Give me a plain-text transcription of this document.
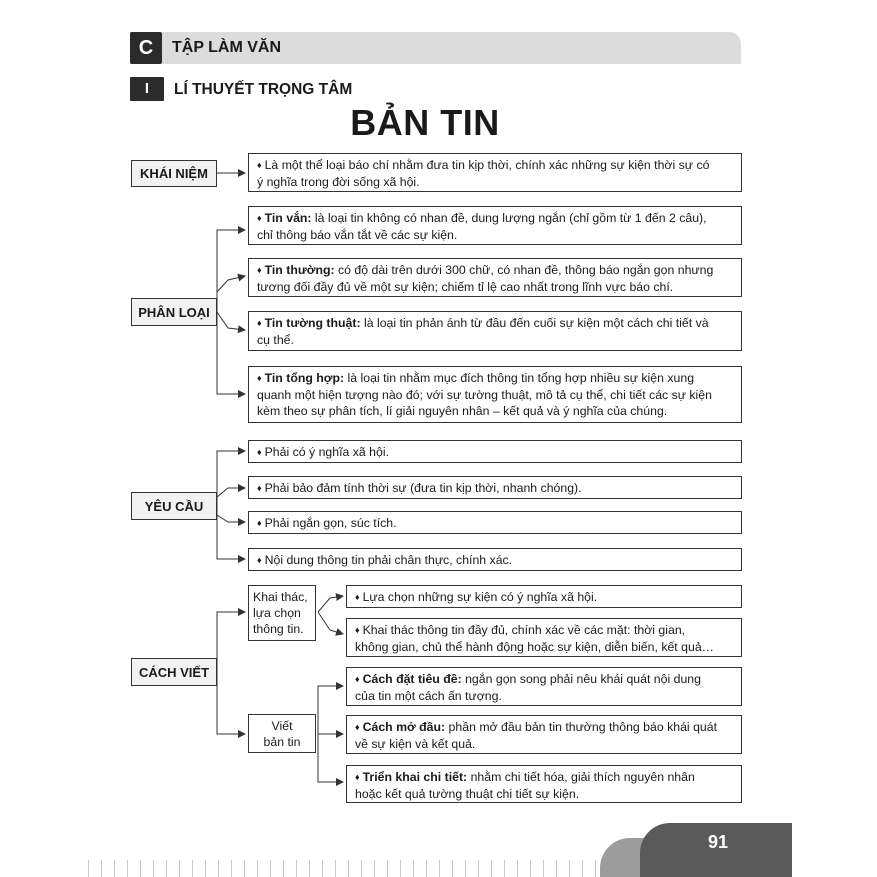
C	TẬP LÀM VĂN
I	LÍ THUYẾT TRỌNG TÂM
BẢN TIN
KHÁI NIỆM
♦ Là một thể loại báo chí nhằm đưa tin kịp thời, chính xác những sự kiện thời sự có
ý nghĩa trong đời sống xã hội.
PHÂN LOẠI
♦ Tin vắn: là loại tin không có nhan đề, dung lượng ngắn (chỉ gồm từ 1 đến 2 câu),
chỉ thông báo vắn tắt về các sự kiện.
♦ Tin thường: có độ dài trên dưới 300 chữ, có nhan đề, thông báo ngắn gọn nhưng
tương đối đầy đủ về một sự kiện; chiếm tỉ lệ cao nhất trong lĩnh vực báo chí.
♦ Tin tường thuật: là loại tin phản ánh từ đầu đến cuối sự kiện một cách chi tiết và
cụ thể.
♦ Tin tổng hợp: là loại tin nhằm mục đích thông tin tổng hợp nhiều sự kiện xung
quanh một hiện tượng nào đó; với sự tường thuật, mô tả cụ thể, chi tiết các sự kiện
kèm theo sự phân tích, lí giải nguyên nhân – kết quả và ý nghĩa của chúng.
YÊU CẦU
♦ Phải có ý nghĩa xã hội.
♦ Phải bảo đảm tính thời sự (đưa tin kịp thời, nhanh chóng).
♦ Phải ngắn gọn, súc tích.
♦ Nội dung thông tin phải chân thực, chính xác.
CÁCH VIẾT
Khai thác,
lựa chọn
thông tin.
Viết
bản tin
♦ Lựa chọn những sự kiện có ý nghĩa xã hội.
♦ Khai thác thông tin đầy đủ, chính xác về các mặt: thời gian,
không gian, chủ thể hành động hoặc sự kiện, diễn biến, kết quả…
♦ Cách đặt tiêu đề: ngắn gọn song phải nêu khái quát nội dung
của tin một cách ấn tượng.
♦ Cách mở đầu: phần mở đầu bản tin thường thông báo khái quát
về sự kiện và kết quả.
♦ Triển khai chi tiết: nhằm chi tiết hóa, giải thích nguyên nhân
hoặc kết quả tường thuật chi tiết sự kiện.
91
